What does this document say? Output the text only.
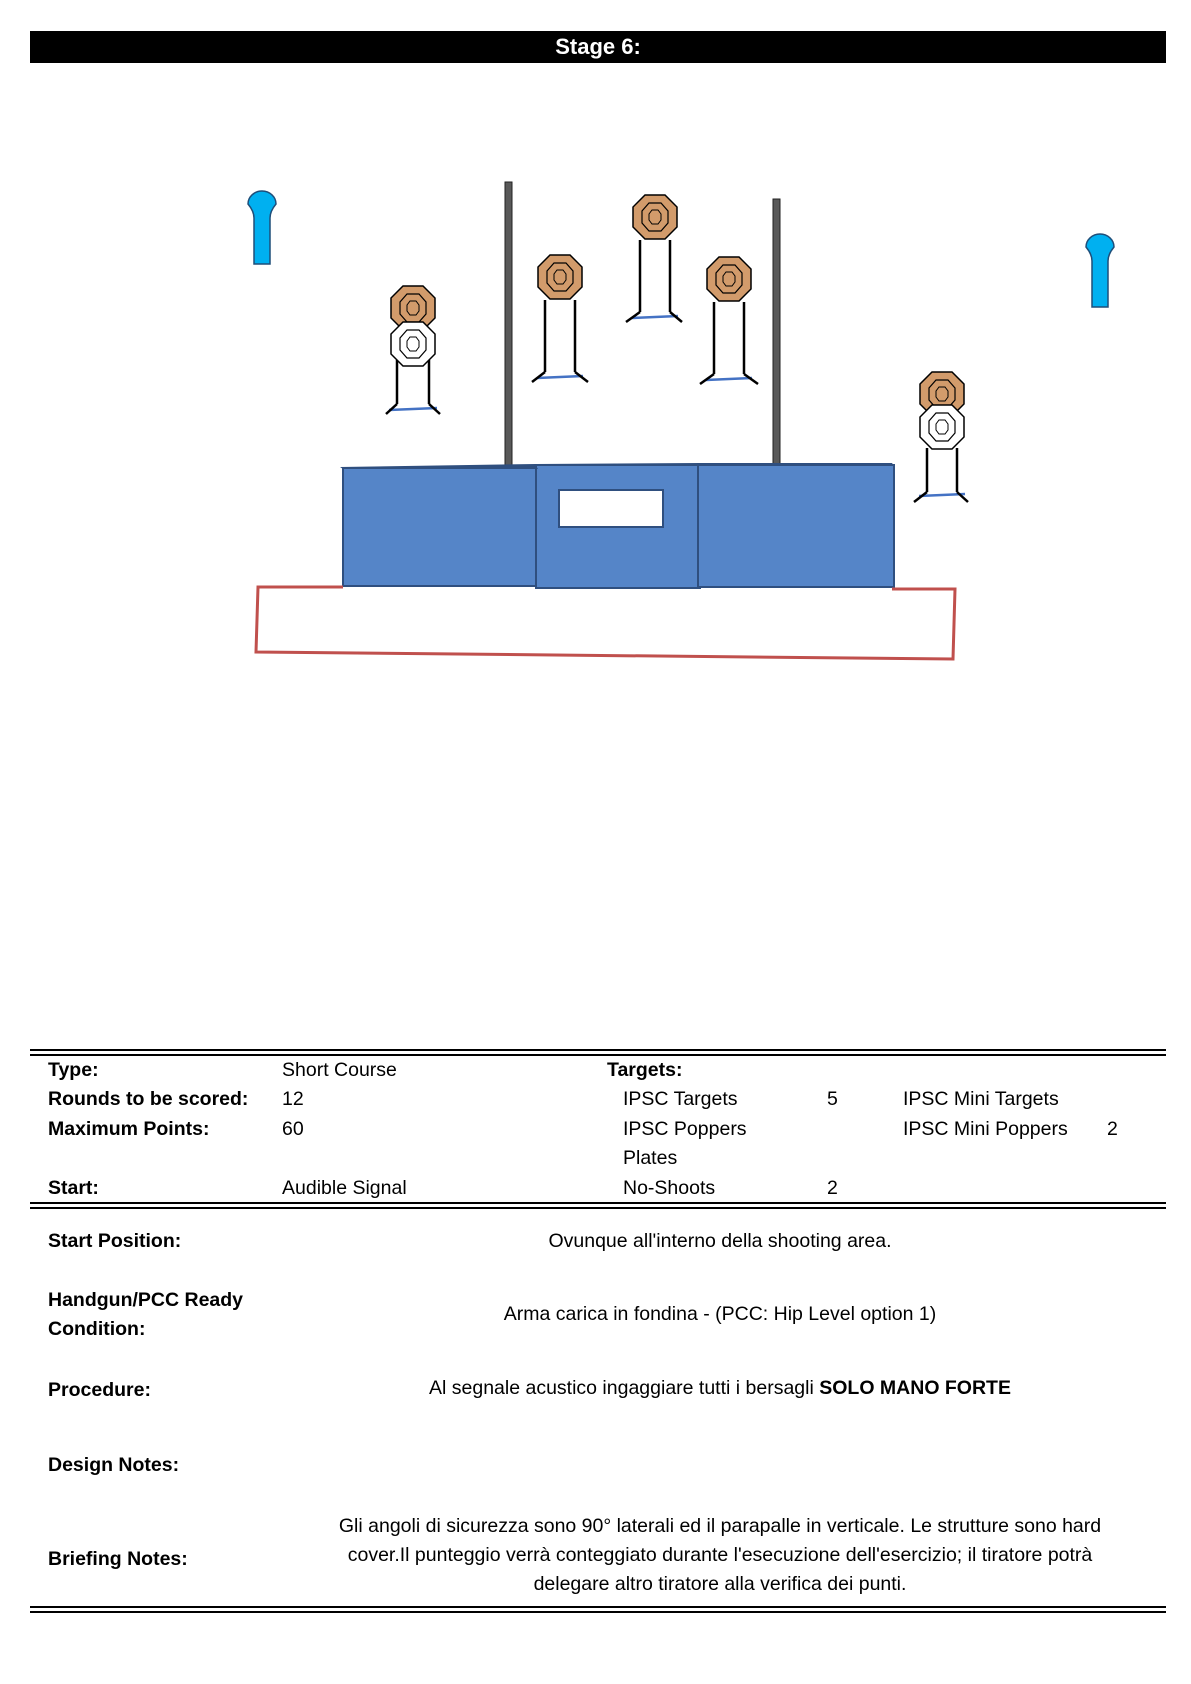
Stage 6:
Type:	Short Course	Targets:
Rounds to be scored: 12	IPSC Targets	5	IPSC Mini Targets
Maximum Points:	60	IPSC Poppers	IPSC Mini Poppers 2
Plates
Start:	Audible Signal	No-Shoots	2
Start Position:	Ovunque all'interno della shooting area.
Handgun/PCC Ready
Condition:
Arma carica in fondina - (PCC: Hip Level option 1)
Procedure:	Al segnale acustico ingaggiare tutti i bersagli SOLO MANO FORTE
Design Notes:
Briefing Notes:
Gli angoli di sicurezza sono 90° laterali ed il parapalle in verticale. Le strutture sono hard
cover.Il punteggio verrà conteggiato durante l'esecuzione dell'esercizio; il tiratore potrà
delegare altro tiratore alla verifica dei punti.
